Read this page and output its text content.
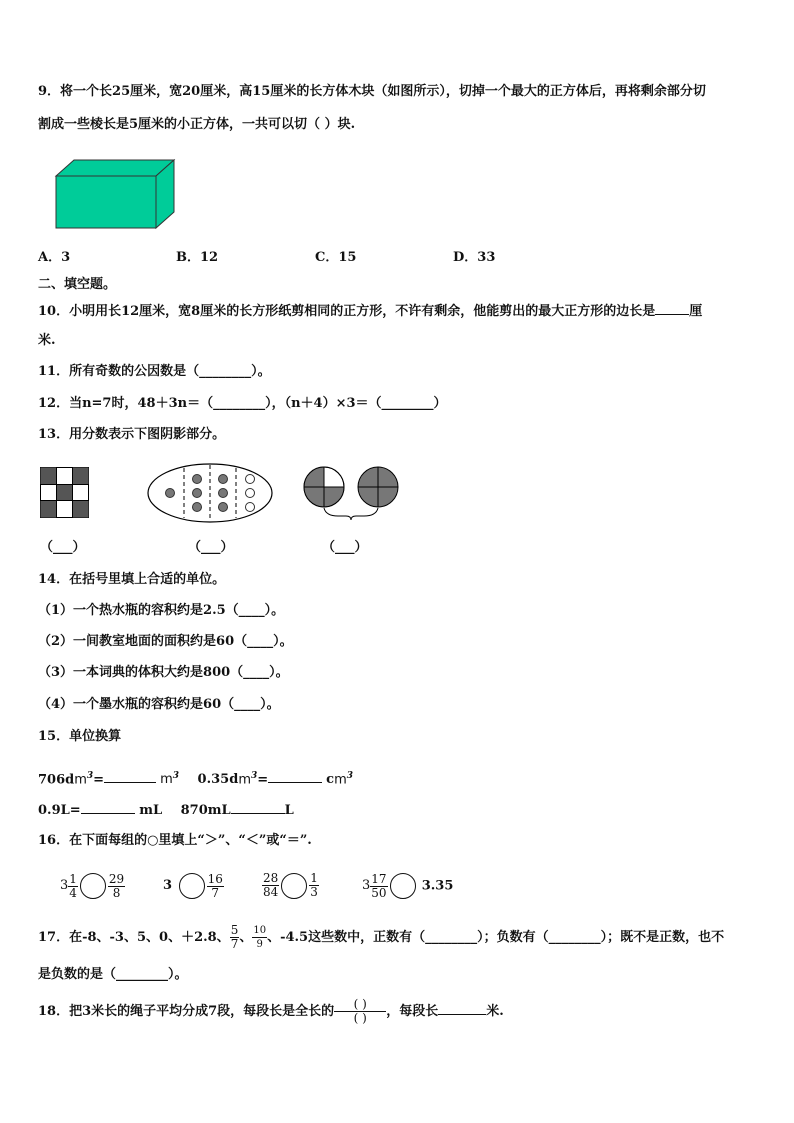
9．将一个长25厘米，宽20厘米，高15厘米的长方体木块（如图所示），切掉一个最大的正方体后，再将剩余部分切
割成一些棱长是5厘米的小正方体，一共可以切（ ）块.
A．3	B．12	C．15	D．33
二、填空题。
10．小明用长12厘米，宽8厘米的长方形纸剪相同的正方形，不许有剩余，他能剪出的最大正方形的边长是	厘
米.
11．所有奇数的公因数是（________）。
12．当n=7时，48＋3n＝（________），（n＋4）×3＝（________）
13．用分数表示下图阴影部分。
（___）	（___）	（___）
14．在括号里填上合适的单位。
（1）一个热水瓶的容积约是2.5（____）。
（2）一间教室地面的面积约是60（____）。
（3）一本词典的体积大约是800（____）。
（4）一个墨水瓶的容积约是60（____）。
15．单位换算
$706dm^3=$	$m^3$ $0.35dm^3=$	$cm^3$
0.9L=	mL 870mL	L
16．在下面每组的○里填上“＞”、“＜”或“＝”.
$3 \frac{1}{4}$	$\frac{29}{8}$	3	$\frac{16}{7}$	$\frac{28}{84}$	$\frac{1}{3}$	$3 \frac{17}{50}$	3.35
17．在-8、-3、5、0、＋2.8、 $\frac{5}{7}$ 、 $\frac{10}{9}$ 、-4.5这些数中，正数有（________）；负数有（________）；既不是正数，也不
是负数的是（________）。
18．把3米长的绳子平均分成7段，每段长是全长的 $\frac{( )}{( )}$ ，每段长	米.
